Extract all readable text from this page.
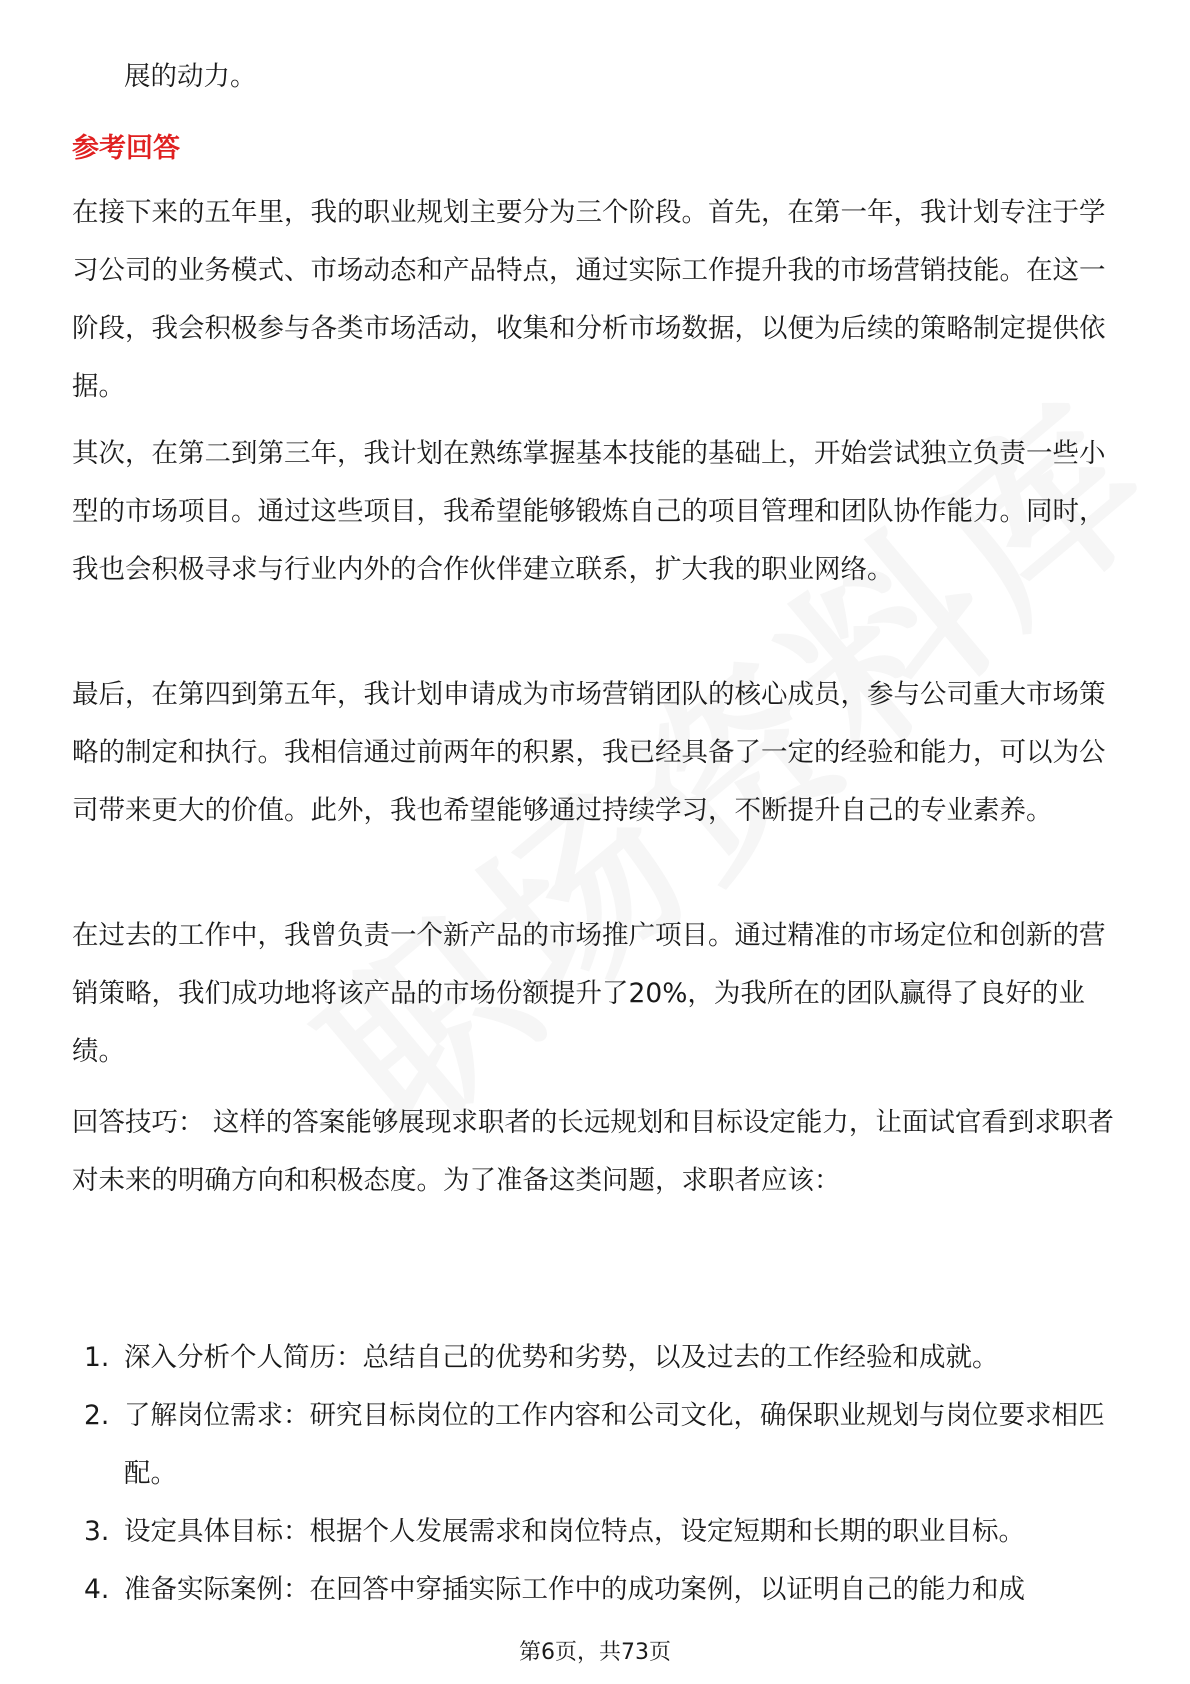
展的动力。

参考回答

在接下来的五年里，我的职业规划主要分为三个阶段。首先，在第一年，我计划专注于学习公司的业务模式、市场动态和产品特点，通过实际工作提升我的市场营销技能。在这一阶段，我会积极参与各类市场活动，收集和分析市场数据，以便为后续的策略制定提供依据。

其次，在第二到第三年，我计划在熟练掌握基本技能的基础上，开始尝试独立负责一些小型的市场项目。通过这些项目，我希望能够锻炼自己的项目管理和团队协作能力。同时，我也会积极寻求与行业内外的合作伙伴建立联系，扩大我的职业网络。

最后，在第四到第五年，我计划申请成为市场营销团队的核心成员，参与公司重大市场策略的制定和执行。我相信通过前两年的积累，我已经具备了一定的经验和能力，可以为公司带来更大的价值。此外，我也希望能够通过持续学习，不断提升自己的专业素养。

在过去的工作中，我曾负责一个新产品的市场推广项目。通过精准的市场定位和创新的营销策略，我们成功地将该产品的市场份额提升了20%，为我所在的团队赢得了良好的业绩。

回答技巧： 这样的答案能够展现求职者的长远规划和目标设定能力，让面试官看到求职者对未来的明确方向和积极态度。为了准备这类问题，求职者应该：

1. 深入分析个人简历：总结自己的优势和劣势，以及过去的工作经验和成就。
2. 了解岗位需求：研究目标岗位的工作内容和公司文化，确保职业规划与岗位要求相匹配。
3. 设定具体目标：根据个人发展需求和岗位特点，设定短期和长期的职业目标。
4. 准备实际案例：在回答中穿插实际工作中的成功案例，以证明自己的能力和成
第6页，共73页
